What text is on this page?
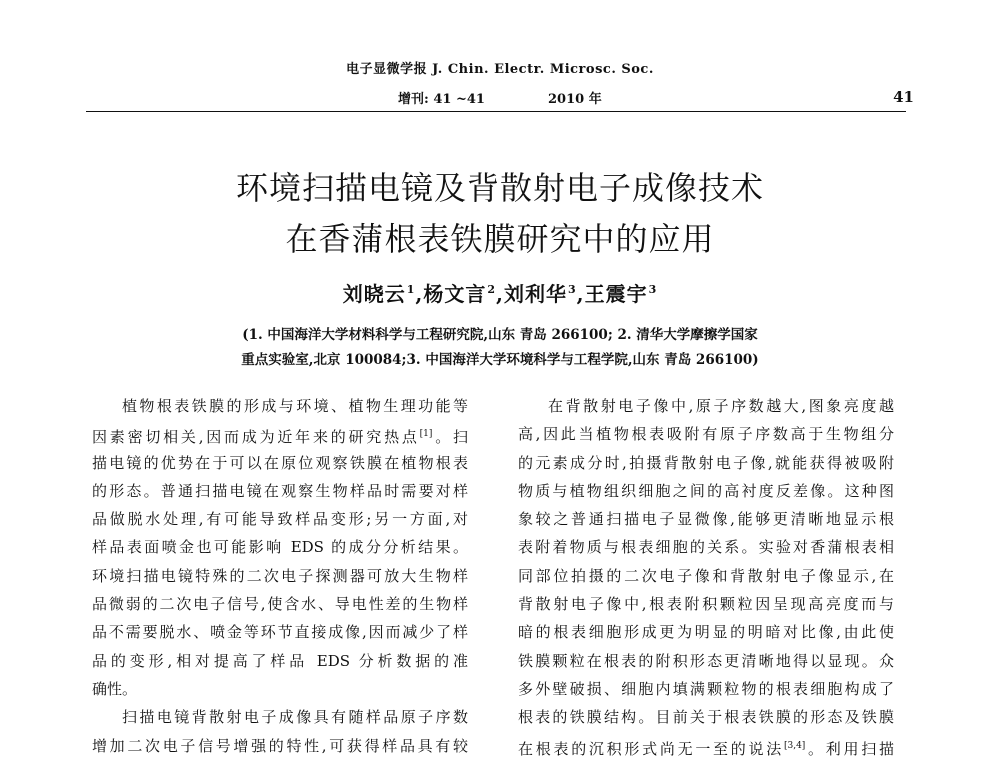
电子显微学报 J. Chin. Electr. Microsc. Soc.
增刊: 41 ~41	2010 年	41
环境扫描电镜及背散射电子成像技术
在香蒲根表铁膜研究中的应用
刘晓云$^1$,杨文言$^2$,刘利华$^3$,王震宇$^3$
(1. 中国海洋大学材料科学与工程研究院,山东 青岛 266100; 2. 清华大学摩擦学国家
重点实验室,北京 100084;3. 中国海洋大学环境科学与工程学院,山东 青岛 266100)
植物根表铁膜的形成与环境、植物生理功能等
因素密切相关,因而成为近年来的研究热点[1]。扫
描电镜的优势在于可以在原位观察铁膜在植物根表
的形态。普通扫描电镜在观察生物样品时需要对样
品做脱水处理,有可能导致样品变形;另一方面,对
样品表面喷金也可能影响 EDS 的成分分析结果。
环境扫描电镜特殊的二次电子探测器可放大生物样
品微弱的二次电子信号,使含水、导电性差的生物样
品不需要脱水、喷金等环节直接成像,因而减少了样
品的变形,相对提高了样品 EDS 分析数据的准
确性。
扫描电镜背散射电子成像具有随样品原子序数
增加二次电子信号增强的特性,可获得样品具有较
在背散射电子像中,原子序数越大,图象亮度越
高,因此当植物根表吸附有原子序数高于生物组分
的元素成分时,拍摄背散射电子像,就能获得被吸附
物质与植物组织细胞之间的高衬度反差像。这种图
象较之普通扫描电子显微像,能够更清晰地显示根
表附着物质与根表细胞的关系。实验对香蒲根表相
同部位拍摄的二次电子像和背散射电子像显示,在
背散射电子像中,根表附积颗粒因呈现高亮度而与
暗的根表细胞形成更为明显的明暗对比像,由此使
铁膜颗粒在根表的附积形态更清晰地得以显现。众
多外壁破损、细胞内填满颗粒物的根表细胞构成了
根表的铁膜结构。目前关于根表铁膜的形态及铁膜
在根表的沉积形式尚无一至的说法[3,4]。利用扫描
